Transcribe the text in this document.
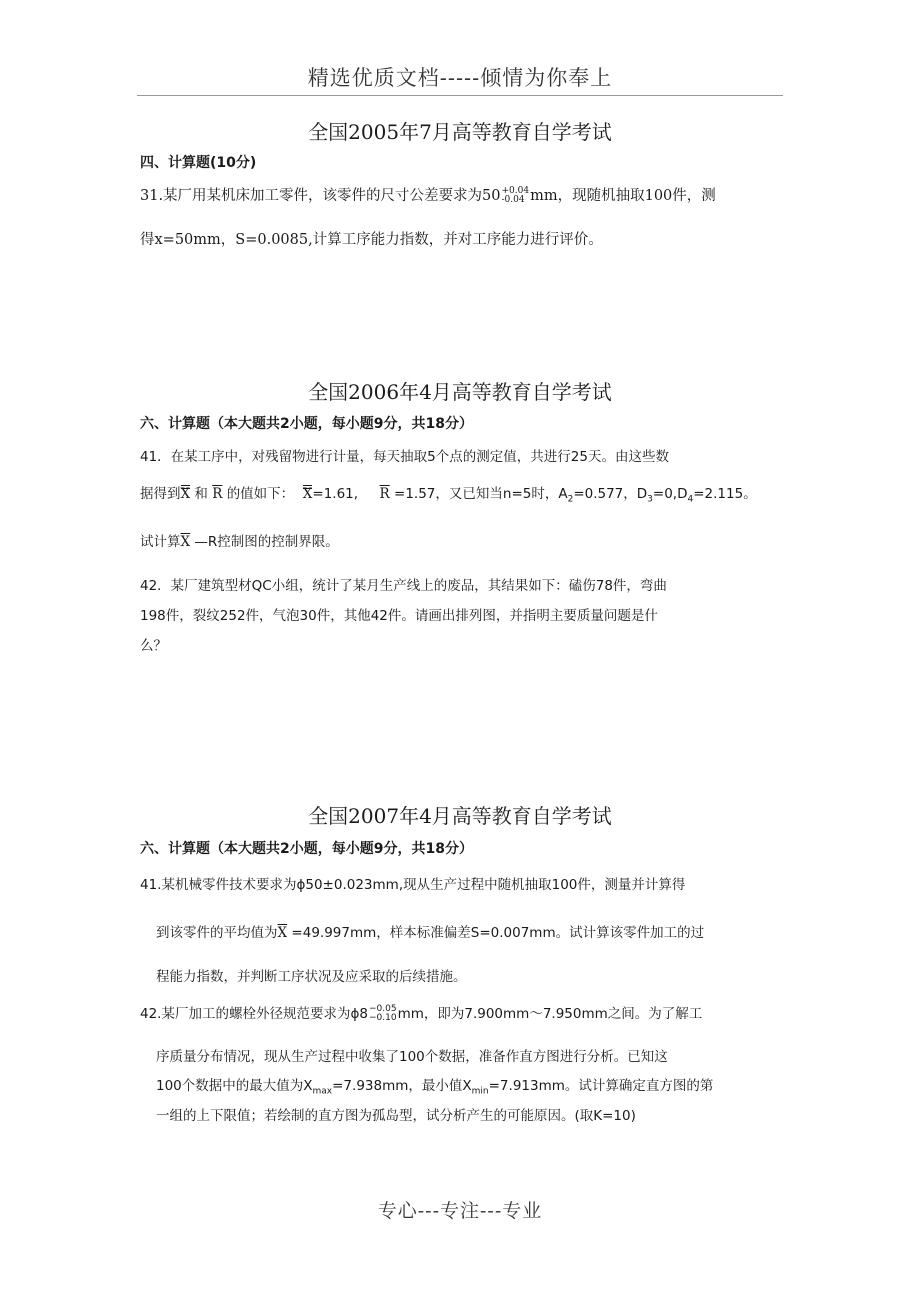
精选优质文档-----倾情为你奉上
全国2005年7月高等教育自学考试
四、计算题(10分)
31.某厂用某机床加工零件，该零件的尺寸公差要求为50 +0.04
-0.04 mm，现随机抽取100件，测
得x=50mm，S=0.0085,计算工序能力指数，并对工序能力进行评价。
全国2006年4月高等教育自学考试
六、计算题（本大题共2小题，每小题9分，共18分）
41．在某工序中，对残留物进行计量，每天抽取5个点的测定值，共进行25天。由这些数
据得到X 和 $\overline{R}$ 的值如下： X=1.61, $\overline{R} =1.57$，又已知当n=5时，$A_2=0.577$，$D_3=0,D_4=2.115$。
试计算$\overline{X}$ —R控制图的控制界限。
42．某厂建筑型材QC小组，统计了某月生产线上的废品，其结果如下：磕伤78件，弯曲
198件，裂纹252件，气泡30件，其他42件。请画出排列图，并指明主要质量问题是什
么？
全国2007年4月高等教育自学考试
六、计算题（本大题共2小题，每小题9分，共18分）
41.某机械零件技术要求为ϕ50±0.023mm,现从生产过程中随机抽取100件，测量并计算得
到该零件的平均值为$\overline{X} =49.997mm$，样本标准偏差S=0.007mm。试计算该零件加工的过
程能力指数，并判断工序状况及应采取的后续措施。
42.某厂加工的螺栓外径规范要求为ϕ8 −0.05
−0.10 mm，即为7.900mm～7.950mm之间。为了解工
序质量分布情况，现从生产过程中收集了100个数据，准备作直方图进行分析。已知这
100个数据中的最大值为$X_{max}=7.938mm$，最小值$X_{min}=7.913mm$。试计算确定直方图的第
一组的上下限值；若绘制的直方图为孤岛型，试分析产生的可能原因。(取K=10)
专心---专注---专业
